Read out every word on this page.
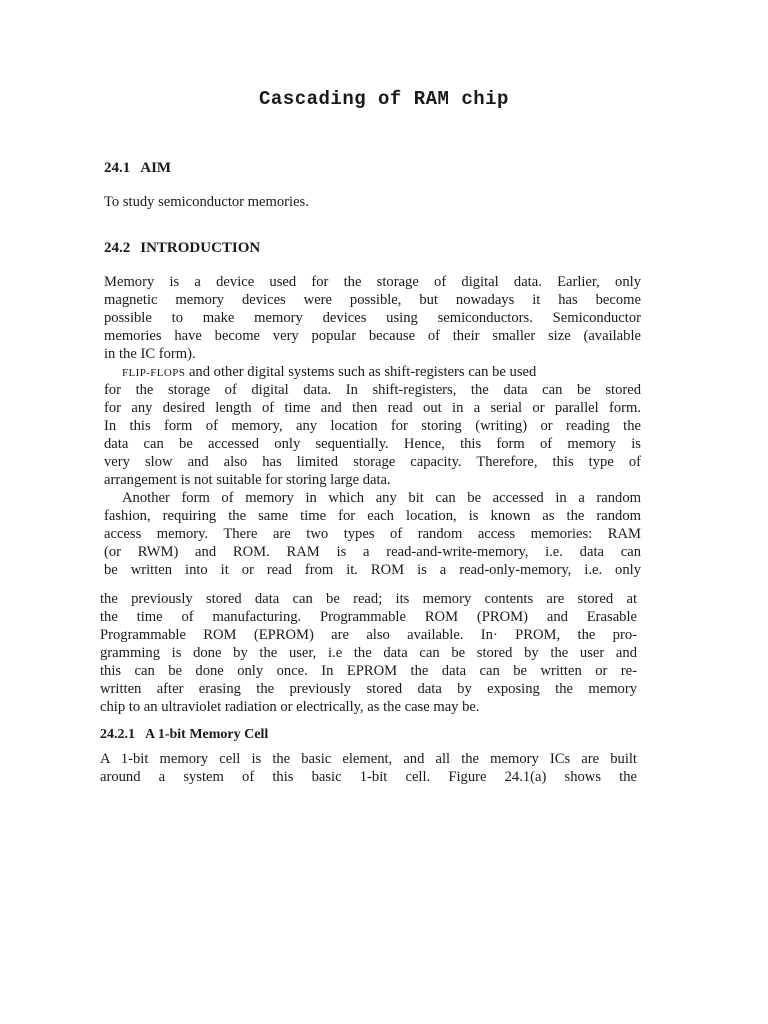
Cascading of RAM chip
24.1 AIM

To study semiconductor memories.

24.2 INTRODUCTION

Memory is a device used for the storage of digital data. Earlier, only

magnetic memory devices were possible, but nowadays it has become

possible to make memory devices using semiconductors. Semiconductor

memories have become very popular because of their smaller size (available

in the IC form).

FLIP-FLOPS and other digital systems such as shift-registers can be used

for the storage of digital data. In shift-registers, the data can be stored

for any desired length of time and then read out in a serial or parallel form.

In this form of memory, any location for storing (writing) or reading the

data can be accessed only sequentially. Hence, this form of memory is

very slow and also has limited storage capacity. Therefore, this type of

arrangement is not suitable for storing large data.

Another form of memory in which any bit can be accessed in a random

fashion, requiring the same time for each location, is known as the random

access memory. There are two types of random access memories: RAM

(or RWM) and ROM. RAM is a read-and-write-memory, i.e. data can

be written into it or read from it. ROM is a read-only-memory, i.e. only

the previously stored data can be read; its memory contents are stored at

the time of manufacturing. Programmable ROM (PROM) and Erasable

Programmable ROM (EPROM) are also available. In· PROM, the pro-

gramming is done by the user, i.e the data can be stored by the user and

this can be done only once. In EPROM the data can be written or re-

written after erasing the previously stored data by exposing the memory

chip to an ultraviolet radiation or electrically, as the case may be.

24.2.1 A 1-bit Memory Cell

A 1-bit memory cell is the basic element, and all the memory ICs are built

around a system of this basic 1-bit cell. Figure 24.1(a) shows the
